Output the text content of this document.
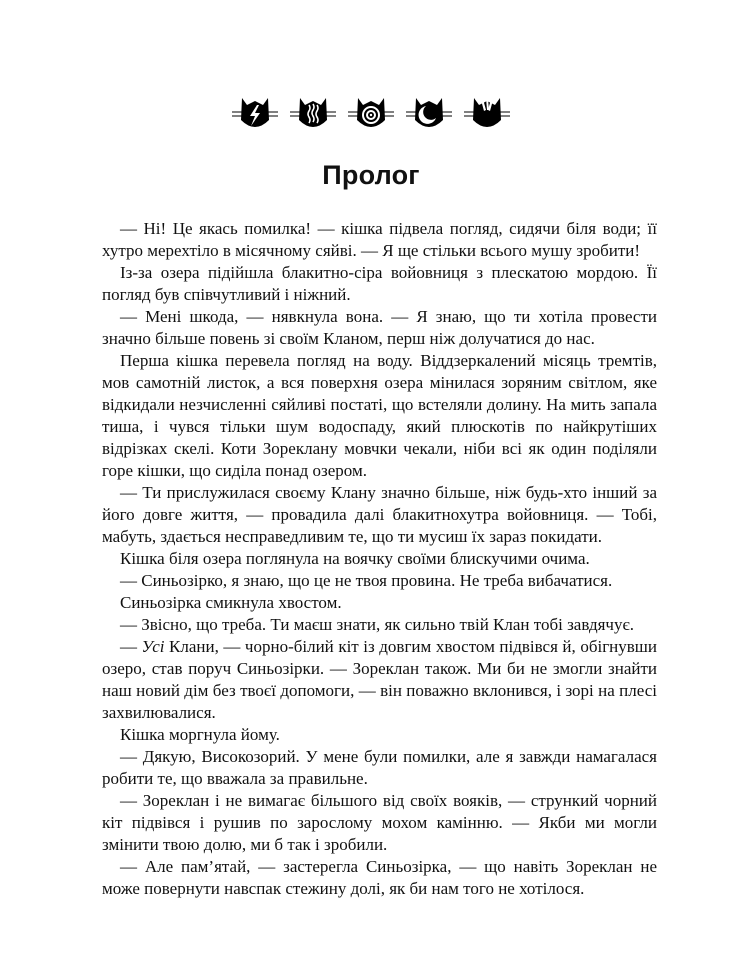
Пролог

— Ні! Це якась помилка! — кішка підвела погляд, сидячи біля води; її хутро мерехтіло в місячному сяйві. — Я ще стільки всього мушу зробити!

Із-за озера підійшла блакитно-сіра войовниця з плескатою мордою. Її погляд був співчутливий і ніжний.

— Мені шкода, — нявкнула вона. — Я знаю, що ти хотіла провести значно більше повень зі своїм Кланом, перш ніж долучатися до нас.

Перша кішка перевела погляд на воду. Віддзеркалений місяць тремтів, мов самотній листок, а вся поверхня озера мінилася зоряним світлом, яке відкидали незчисленні сяйливі постаті, що встеляли долину. На мить запала тиша, і чувся тільки шум водоспаду, який плюскотів по найкрутіших відрізках скелі. Коти Зореклану мовчки чекали, ніби всі як один поділяли горе кішки, що сиділа понад озером.

— Ти прислужилася своєму Клану значно більше, ніж будь-хто інший за його довге життя, — провадила далі блакитнохутра войовниця. — Тобі, мабуть, здається несправедливим те, що ти мусиш їх зараз покидати.

Кішка біля озера поглянула на воячку своїми блискучими очима.

— Синьозірко, я знаю, що це не твоя провина. Не треба вибачатися.

Синьозірка смикнула хвостом.

— Звісно, що треба. Ти маєш знати, як сильно твій Клан тобі завдячує.

— Усі Клани, — чорно-білий кіт із довгим хвостом підвівся й, обігнувши озеро, став поруч Синьозірки. — Зореклан також. Ми би не змогли знайти наш новий дім без твоєї допомоги, — він поважно вклонився, і зорі на плесі захвилювалися.

Кішка моргнула йому.

— Дякую, Високозорий. У мене були помилки, але я завжди намагалася робити те, що вважала за правильне.

— Зореклан і не вимагає більшого від своїх вояків, — стрункий чорний кіт підвівся і рушив по зарослому мохом камінню. — Якби ми могли змінити твою долю, ми б так і зробили.

— Але пам’ятай, — застерегла Синьозірка, — що навіть Зореклан не може повернути навспак стежину долі, як би нам того не хотілося.
